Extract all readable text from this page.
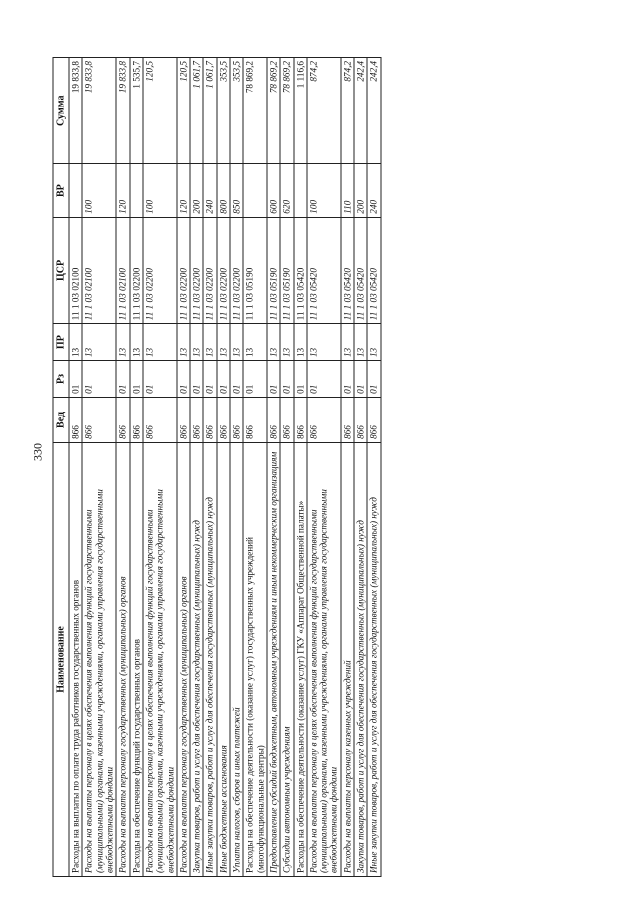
330
Наименование	Вед	Рз	ПР	ЦСР	ВР	Сумма
Расходы на выплаты по оплате труда работников государственных органов	866	01	13	11 1 03 02100		19 833,8
Расходы на выплаты персоналу в целях обеспечения выполнения функций государственными (муниципальными) органами, казенными учреждениями, органами управления государственными внебюджетными фондами	866	01	13	11 1 03 02100	100	19 833,8
Расходы на выплаты персоналу государственных (муниципальных) органов	866	01	13	11 1 03 02100	120	19 833,8
Расходы на обеспечение функций государственных органов	866	01	13	11 1 03 02200		1 535,7
Расходы на выплаты персоналу в целях обеспечения выполнения функций государственными (муниципальными) органами, казенными учреждениями, органами управления государственными внебюджетными фондами	866	01	13	11 1 03 02200	100	120,5
Расходы на выплаты персоналу государственных (муниципальных) органов	866	01	13	11 1 03 02200	120	120,5
Закупка товаров, работ и услуг для обеспечения государственных (муниципальных) нужд	866	01	13	11 1 03 02200	200	1 061,7
Иные закупки товаров, работ и услуг для обеспечения государственных (муниципальных) нужд	866	01	13	11 1 03 02200	240	1 061,7
Иные бюджетные ассигнования	866	01	13	11 1 03 02200	800	353,5
Уплата налогов, сборов и иных платежей	866	01	13	11 1 03 02200	850	353,5
Расходы на обеспечение деятельности (оказание услуг) государственных учреждений (многофункциональные центры)	866	01	13	11 1 03 05190		78 869,2
Предоставление субсидий бюджетным, автономным учреждениям и иным некоммерческим организациям	866	01	13	11 1 03 05190	600	78 869,2
Субсидии автономным учреждениям	866	01	13	11 1 03 05190	620	78 869,2
Расходы на обеспечение деятельности (оказание услуг) ГКУ «Аппарат Общественной палаты»	866	01	13	11 1 03 05420		1 116,6
Расходы на выплаты персоналу в целях обеспечения выполнения функций государственными (муниципальными) органами, казенными учреждениями, органами управления государственными внебюджетными фондами	866	01	13	11 1 03 05420	100	874,2
Расходы на выплаты персоналу казенных учреждений	866	01	13	11 1 03 05420	110	874,2
Закупка товаров, работ и услуг для обеспечения государственных (муниципальных) нужд	866	01	13	11 1 03 05420	200	242,4
Иные закупки товаров, работ и услуг для обеспечения государственных (муниципальных) нужд	866	01	13	11 1 03 05420	240	242,4
